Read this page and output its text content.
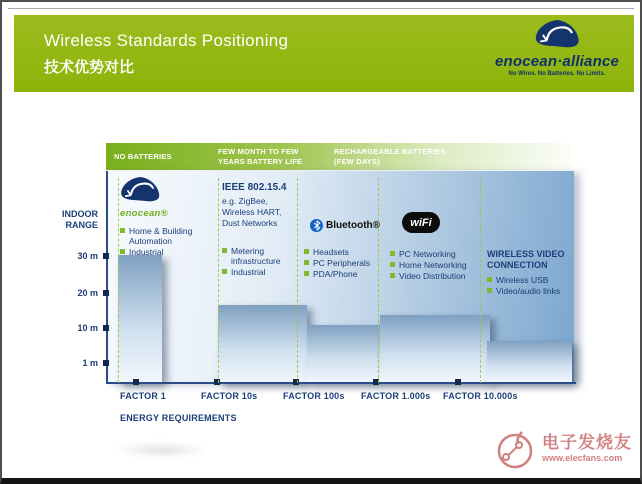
Wireless Standards Positioning
技术优势对比	enocean·alliance
No Wires. No Batteries. No Limits.
NO BATTERIES
FEW MONTH TO FEW YEARS BATTERY LIFE
RECHARGEABLE BATTERIES (FEW DAYS)
enocean®
Home & Building Automation
Industrial
IEEE 802.15.4
e.g. ZigBee,
Wireless HART,
Dust Networks
Metering infrastructure
Industrial
Bluetooth®
Headsets
PC Peripherals
PDA/Phone
wiFi
PC Networking
Home Networking
Video Distribution
WIRELESS VIDEO CONNECTION
Wireless USB
Video/audio links
INDOOR RANGE
30 m
20 m
10 m
1 m
FACTOR 1	FACTOR 10s	FACTOR 100s FACTOR 1.000s FACTOR 10.000s
ENERGY REQUIREMENTS
电子发烧友
www.elecfans.com
